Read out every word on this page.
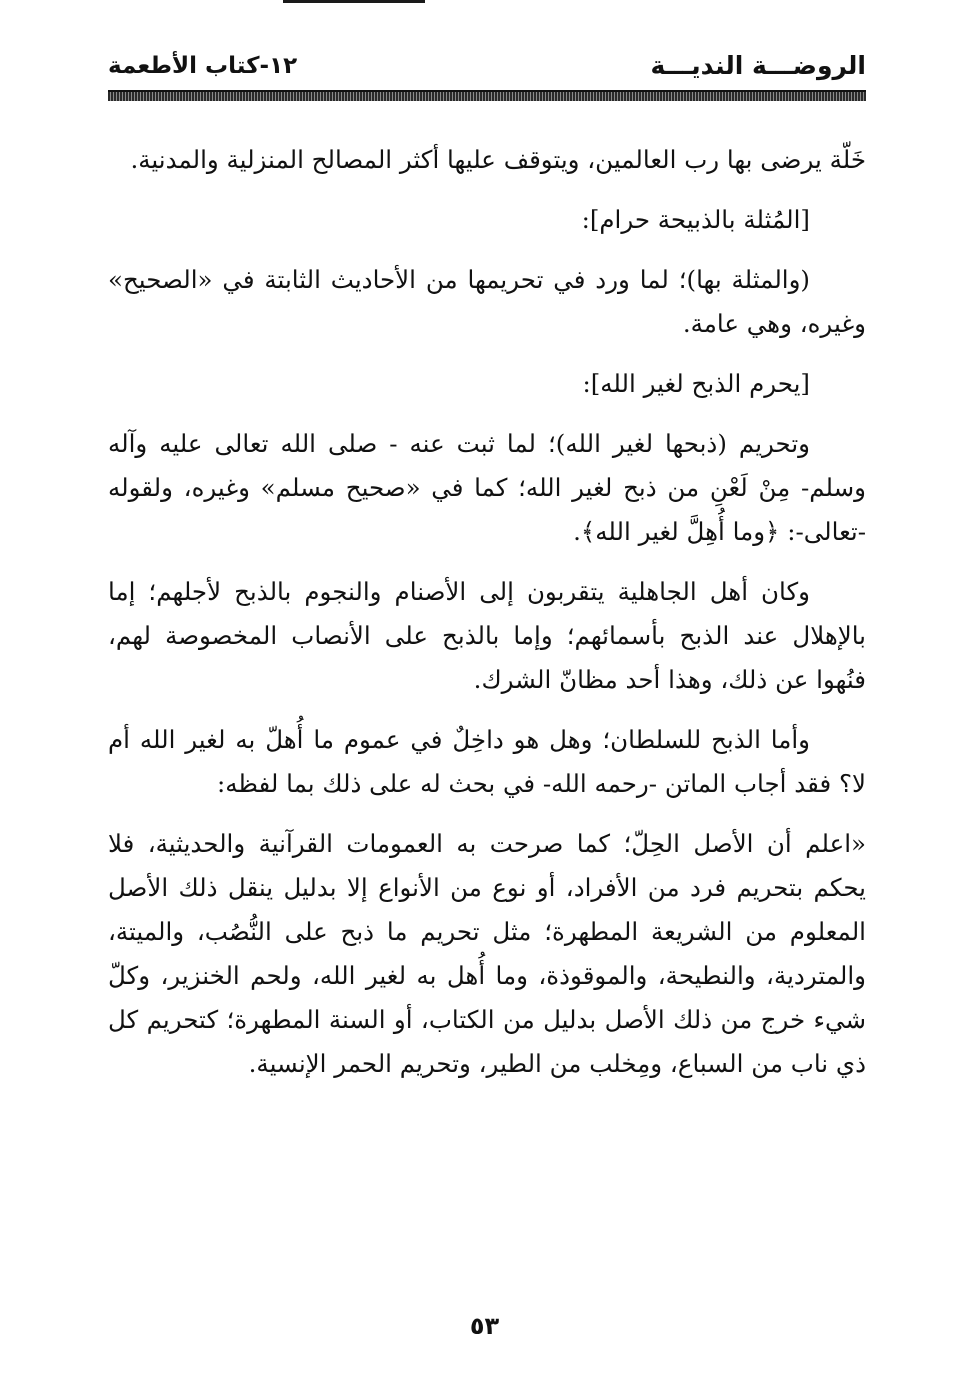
الروضـــة النديـــة
١٢-كتاب الأطعمة

خَلّة يرضى بها رب العالمين، ويتوقف عليها أكثر المصالح المنزلية والمدنية.

[المُثلة بالذبيحة حرام]:

(والمثلة بها)؛ لما ورد في تحريمها من الأحاديث الثابتة في «الصحيح» وغيره، وهي عامة.

[يحرم الذبح لغير الله]:

وتحريم (ذبحها لغير الله)؛ لما ثبت عنه - صلى الله تعالى عليه وآله وسلم- مِنْ لَعْنِ من ذبح لغير الله؛ كما في «صحيح مسلم» وغيره، ولقوله -تعالى-: ﴿وما أُهِلَّ لغير الله﴾.

وكان أهل الجاهلية يتقربون إلى الأصنام والنجوم بالذبح لأجلهم؛ إما بالإهلال عند الذبح بأسمائهم؛ وإما بالذبح على الأنصاب المخصوصة لهم، فنُهوا عن ذلك، وهذا أحد مظانّ الشرك.

وأما الذبح للسلطان؛ وهل هو داخِلٌ في عموم ما أُهلّ به لغير الله أم لا؟ فقد أجاب الماتن -رحمه الله- في بحث له على ذلك بما لفظه:

«اعلم أن الأصل الحِلّ؛ كما صرحت به العمومات القرآنية والحديثية، فلا يحكم بتحريم فرد من الأفراد، أو نوع من الأنواع إلا بدليل ينقل ذلك الأصل المعلوم من الشريعة المطهرة؛ مثل تحريم ما ذبح على النُّصُب، والميتة، والمتردية، والنطيحة، والموقوذة، وما أُهل به لغير الله، ولحم الخنزير، وكلّ شيء خرج من ذلك الأصل بدليل من الكتاب، أو السنة المطهرة؛ كتحريم كل ذي ناب من السباع، ومِخلب من الطير، وتحريم الحمر الإنسية.

٥٣
